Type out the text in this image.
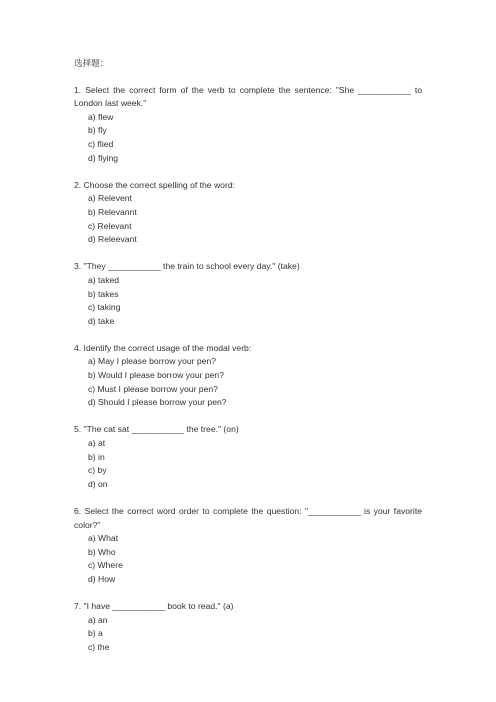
选择题：

1. Select the correct form of the verb to complete the sentence: "She ___________ to London last week."

a) flew
b) fly
c) flied
d) flying

2. Choose the correct spelling of the word:

a) Relevent
b) Relevannt
c) Relevant
d) Releevant

3. "They ___________ the train to school every day." (take)

a) taked
b) takes
c) taking
d) take

4. Identify the correct usage of the modal verb:

a) May I please borrow your pen?
b) Would I please borrow your pen?
c) Must I please borrow your pen?
d) Should I please borrow your pen?

5. "The cat sat ___________ the tree." (on)

a) at
b) in
c) by
d) on

6. Select the correct word order to complete the question: "___________ is your favorite color?"

a) What
b) Who
c) Where
d) How

7. "I have ___________ book to read." (a)

a) an
b) a
c) the
